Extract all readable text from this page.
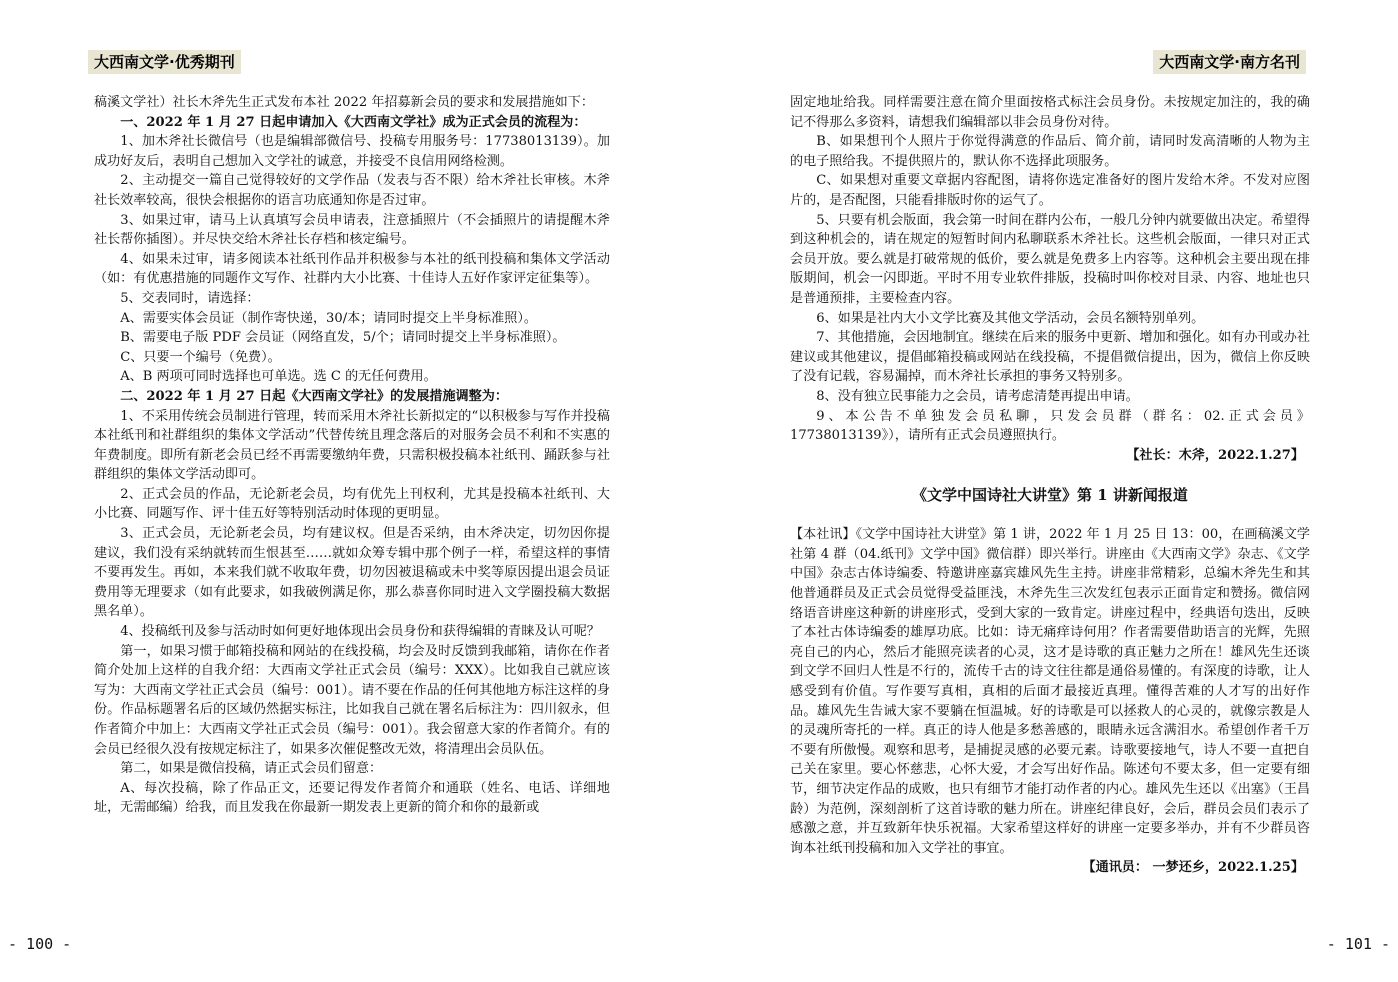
大西南文学·优秀期刊

稿溪文学社）社长木斧先生正式发布本社 2022 年招募新会员的要求和发展措施如下：

一、2022 年 1 月 27 日起申请加入《大西南文学社》成为正式会员的流程为：

1、加木斧社长微信号（也是编辑部微信号、投稿专用服务号：17738013139）。加成功好友后，表明自己想加入文学社的诚意，并接受不良信用网络检测。

2、主动提交一篇自己觉得较好的文学作品（发表与否不限）给木斧社长审核。木斧社长效率较高，很快会根据你的语言功底通知你是否过审。

3、如果过审，请马上认真填写会员申请表，注意插照片（不会插照片的请提醒木斧社长帮你插图）。并尽快交给木斧社长存档和核定编号。

4、如果未过审，请多阅读本社纸刊作品并积极参与本社的纸刊投稿和集体文学活动（如：有优惠措施的同题作文写作、社群内大小比赛、十佳诗人五好作家评定征集等）。

5、交表同时，请选择：

A、需要实体会员证（制作寄快递，30/本；请同时提交上半身标准照）。

B、需要电子版 PDF 会员证（网络直发，5/个；请同时提交上半身标准照）。

C、只要一个编号（免费）。

A、B 两项可同时选择也可单选。选 C 的无任何费用。

二、2022 年 1 月 27 日起《大西南文学社》的发展措施调整为：

1、不采用传统会员制进行管理，转而采用木斧社长新拟定的“以积极参与写作并投稿本社纸刊和社群组织的集体文学活动”代替传统且理念落后的对服务会员不利和不实惠的年费制度。即所有新老会员已经不再需要缴纳年费，只需积极投稿本社纸刊、踊跃参与社群组织的集体文学活动即可。

2、正式会员的作品，无论新老会员，均有优先上刊权利，尤其是投稿本社纸刊、大小比赛、同题写作、评十佳五好等特别活动时体现的更明显。

3、正式会员，无论新老会员，均有建议权。但是否采纳，由木斧决定，切勿因你提建议，我们没有采纳就转而生恨甚至……就如众筹专辑中那个例子一样，希望这样的事情不要再发生。再如，本来我们就不收取年费，切勿因被退稿或未中奖等原因提出退会员证费用等无理要求（如有此要求，如我破例满足你，那么恭喜你同时进入文学圈投稿大数据黑名单）。

4、投稿纸刊及参与活动时如何更好地体现出会员身份和获得编辑的青睐及认可呢？

第一，如果习惯于邮箱投稿和网站的在线投稿，均会及时反馈到我邮箱，请你在作者简介处加上这样的自我介绍：大西南文学社正式会员（编号：XXX）。比如我自己就应该写为：大西南文学社正式会员（编号：001）。请不要在作品的任何其他地方标注这样的身份。作品标题署名后的区域仍然据实标注，比如我自己就在署名后标注为：四川叙永，但作者简介中加上：大西南文学社正式会员（编号：001）。我会留意大家的作者简介。有的会员已经很久没有按规定标注了，如果多次催促整改无效，将清理出会员队伍。

第二，如果是微信投稿，请正式会员们留意：

A、每次投稿，除了作品正文，还要记得发作者简介和通联（姓名、电话、详细地址，无需邮编）给我，而且发我在你最新一期发表上更新的简介和你的最新或

- 100 -
大西南文学·南方名刊

固定地址给我。同样需要注意在简介里面按格式标注会员身份。未按规定加注的，我的确记不得那么多资料，请想我们编辑部以非会员身份对待。

B、如果想刊个人照片于你觉得满意的作品后、简介前，请同时发高清晰的人物为主的电子照给我。不提供照片的，默认你不选择此项服务。

C、如果想对重要文章据内容配图，请将你选定准备好的图片发给木斧。不发对应图片的，是否配图，只能看排版时你的运气了。

5、只要有机会版面，我会第一时间在群内公布，一般几分钟内就要做出决定。希望得到这种机会的，请在规定的短暂时间内私聊联系木斧社长。这些机会版面，一律只对正式会员开放。要么就是打破常规的低价，要么就是免费多上内容等。这种机会主要出现在排版期间，机会一闪即逝。平时不用专业软件排版，投稿时叫你校对目录、内容、地址也只是普通预排，主要检查内容。

6、如果是社内大小文学比赛及其他文学活动，会员名额特别单列。

7、其他措施，会因地制宜。继续在后来的服务中更新、增加和强化。如有办刊或办社建议或其他建议，提倡邮箱投稿或网站在线投稿，不提倡微信提出，因为，微信上你反映了没有记载，容易漏掉，而木斧社长承担的事务又特别多。

8、没有独立民事能力之会员，请考虑清楚再提出申请。

9、本公告不单独发会员私聊，只发会员群（群名：02.正式会员》17738013139》），请所有正式会员遵照执行。

【社长：木斧，2022.1.27】

《文学中国诗社大讲堂》第 1 讲新闻报道

【本社讯】《文学中国诗社大讲堂》第 1 讲，2022 年 1 月 25 日 13：00，在画稿溪文学社第 4 群（04.纸刊》文学中国》微信群）即兴举行。讲座由《大西南文学》杂志、《文学中国》杂志古体诗编委、特邀讲座嘉宾雄风先生主持。讲座非常精彩，总编木斧先生和其他普通群员及正式会员觉得受益匪浅，木斧先生三次发红包表示正面肯定和赞扬。微信网络语音讲座这种新的讲座形式，受到大家的一致肯定。讲座过程中，经典语句迭出，反映了本社古体诗编委的雄厚功底。比如：诗无痛痒诗何用？作者需要借助语言的光辉，先照亮自己的内心，然后才能照亮读者的心灵，这才是诗歌的真正魅力之所在！雄风先生还谈到文学不回归人性是不行的，流传千古的诗文往往都是通俗易懂的。有深度的诗歌，让人感受到有价值。写作要写真相，真相的后面才最接近真理。懂得苦难的人才写的出好作品。雄风先生告诫大家不要躺在恒温城。好的诗歌是可以拯救人的心灵的，就像宗教是人的灵魂所寄托的一样。真正的诗人他是多愁善感的，眼睛永远含满泪水。希望创作者千万不要有所傲慢。观察和思考，是捕捉灵感的必要元素。诗歌要接地气，诗人不要一直把自己关在家里。要心怀慈悲，心怀大爱，才会写出好作品。陈述句不要太多，但一定要有细节，细节决定作品的成败，也只有细节才能打动作者的内心。雄风先生还以《出塞》（王昌龄）为范例，深刻剖析了这首诗歌的魅力所在。讲座纪律良好，会后，群员会员们表示了感激之意，并互致新年快乐祝福。大家希望这样好的讲座一定要多举办，并有不少群员咨询本社纸刊投稿和加入文学社的事宜。

【通讯员： 一梦还乡，2022.1.25】

- 101 -
